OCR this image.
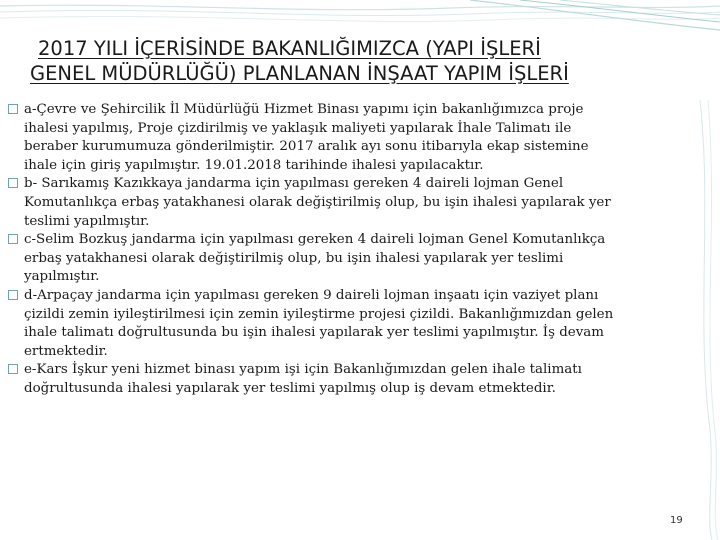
2017 YILI İÇERİSİNDE BAKANLIĞIMIZCA (YAPI İŞLERİ
GENEL MÜDÜRLÜĞÜ) PLANLANAN İNŞAAT YAPIM İŞLERİ
a-Çevre ve Şehircilik İl Müdürlüğü Hizmet Binası yapımı için bakanlığımızca proje
ihalesi yapılmış, Proje çizdirilmiş ve yaklaşık maliyeti yapılarak İhale Talimatı ile
beraber kurumumuza gönderilmiştir. 2017 aralık ayı sonu itibarıyla ekap sistemine
ihale için giriş yapılmıştır. 19.01.2018 tarihinde ihalesi yapılacaktır.
b- Sarıkamış Kazıkkaya jandarma için yapılması gereken 4 daireli lojman Genel
Komutanlıkça erbaş yatakhanesi olarak değiştirilmiş olup, bu işin ihalesi yapılarak yer
teslimi yapılmıştır.
c-Selim Bozkuş jandarma için yapılması gereken 4 daireli lojman Genel Komutanlıkça
erbaş yatakhanesi olarak değiştirilmiş olup, bu işin ihalesi yapılarak yer teslimi
yapılmıştır.
d-Arpaçay jandarma için yapılması gereken 9 daireli lojman inşaatı için vaziyet planı
çizildi zemin iyileştirilmesi için zemin iyileştirme projesi çizildi. Bakanlığımızdan gelen
ihale talimatı doğrultusunda bu işin ihalesi yapılarak yer teslimi yapılmıştır. İş devam
ertmektedir.
e-Kars İşkur yeni hizmet binası yapım işi için Bakanlığımızdan gelen ihale talimatı
doğrultusunda ihalesi yapılarak yer teslimi yapılmış olup iş devam etmektedir.
19
